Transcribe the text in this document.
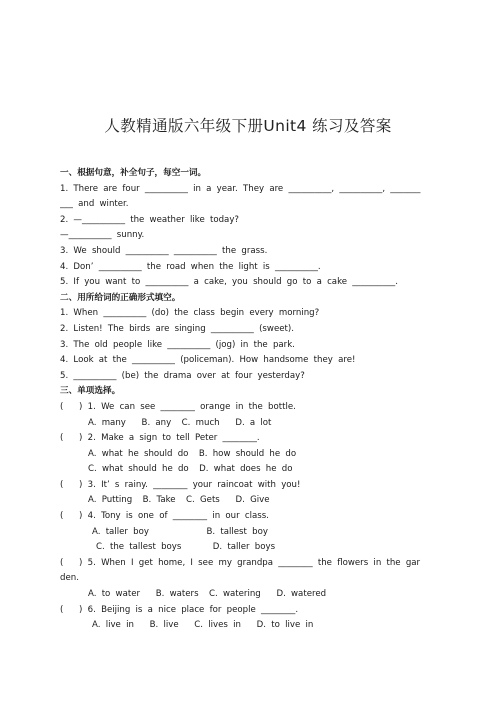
人教精通版六年级下册Unit4 练习及答案
一、根据句意，补全句子，每空一词。
1. There are four __________ in a year. They are __________, __________, _______
___ and winter.
2. —__________ the weather like today?
—__________ sunny.
3. We should __________ __________ the grass.
4. Don’ __________ the road when the light is __________.
5. If you want to __________ a cake, you should go to a cake __________.
二、用所给词的正确形式填空。
1. When __________ (do) the class begin every morning?
2. Listen! The birds are singing __________ (sweet).
3. The old people like __________ (jog) in the park.
4. Look at the __________ (policeman). How handsome they are!
5. __________ (be) the drama over at four yesterday?
三、单项选择。
(   ) 1. We can see ________ orange in the bottle.
A. many   B. any  C. much   D. a lot
(   ) 2. Make a sign to tell Peter ________.
A. what he should do  B. how should he do
C. what should he do  D. what does he do
(   ) 3. It’ s rainy. ________ your raincoat with you!
A. Putting  B. Take  C. Gets   D. Give
(   ) 4. Tony is one of ________ in our class.
A. taller boy           B. tallest boy
C. the tallest boys      D. taller boys
(   ) 5. When I get home, I see my grandpa ________ the flowers in the gar
den.
A. to water   B. waters  C. watering   D. watered
(   ) 6. Beijing is a nice place for people ________.
A. live in   B. live   C. lives in   D. to live in
